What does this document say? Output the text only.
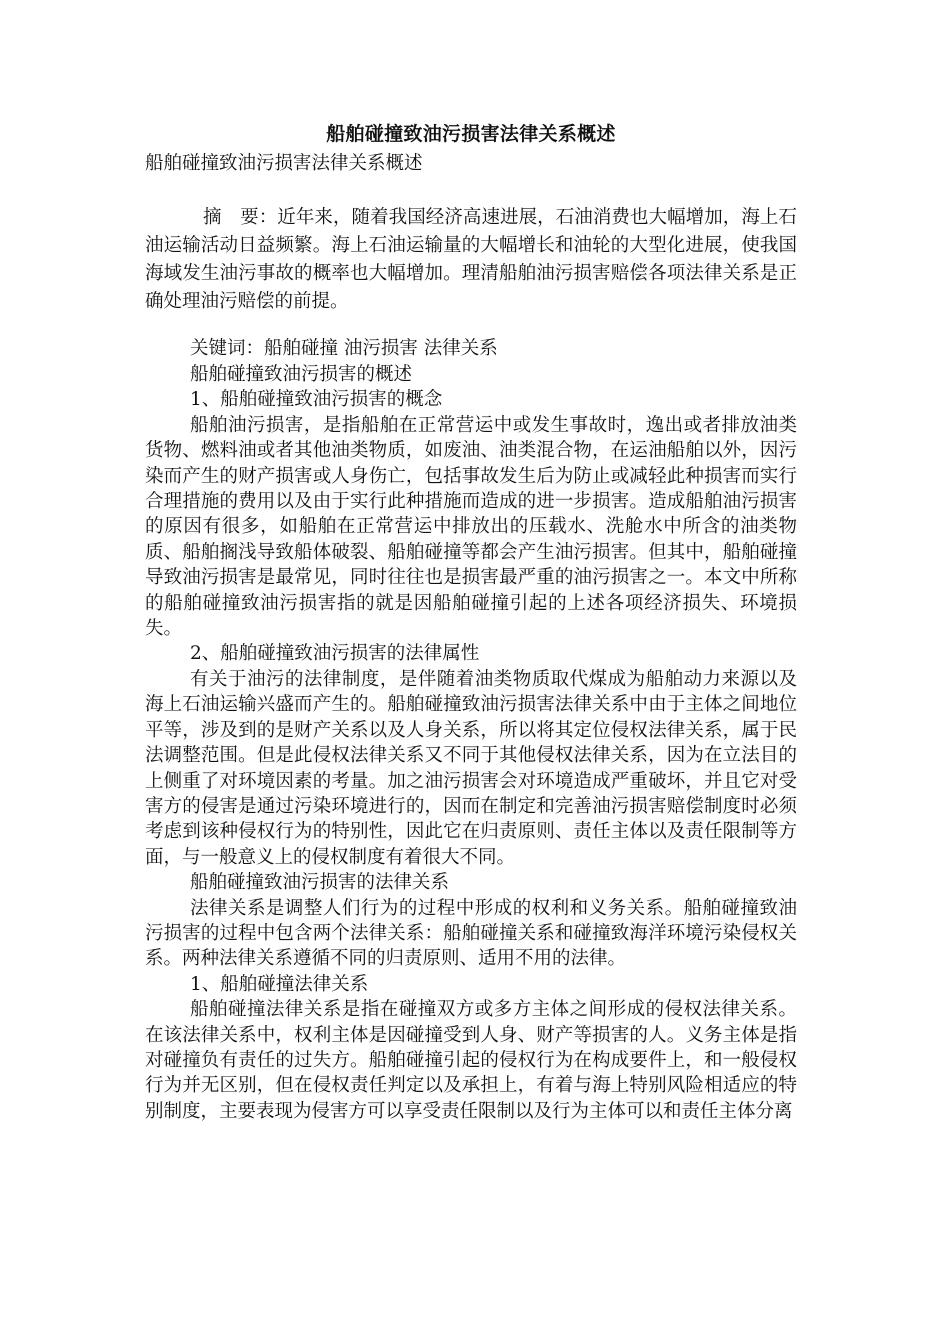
船舶碰撞致油污损害法律关系概述

船舶碰撞致油污损害法律关系概述

摘　要：近年来，随着我国经济高速进展，石油消费也大幅增加，海上石油运输活动日益频繁。海上石油运输量的大幅增长和油轮的大型化进展，使我国海域发生油污事故的概率也大幅增加。理清船舶油污损害赔偿各项法律关系是正确处理油污赔偿的前提。

关键词：船舶碰撞 油污损害 法律关系

船舶碰撞致油污损害的概述

1、船舶碰撞致油污损害的概念

船舶油污损害，是指船舶在正常营运中或发生事故时，逸出或者排放油类货物、燃料油或者其他油类物质，如废油、油类混合物，在运油船舶以外，因污染而产生的财产损害或人身伤亡，包括事故发生后为防止或减轻此种损害而实行合理措施的费用以及由于实行此种措施而造成的进一步损害。造成船舶油污损害的原因有很多，如船舶在正常营运中排放出的压载水、洗舱水中所含的油类物质、船舶搁浅导致船体破裂、船舶碰撞等都会产生油污损害。但其中，船舶碰撞导致油污损害是最常见，同时往往也是损害最严重的油污损害之一。本文中所称的船舶碰撞致油污损害指的就是因船舶碰撞引起的上述各项经济损失、环境损失。

2、船舶碰撞致油污损害的法律属性

有关于油污的法律制度，是伴随着油类物质取代煤成为船舶动力来源以及海上石油运输兴盛而产生的。船舶碰撞致油污损害法律关系中由于主体之间地位平等，涉及到的是财产关系以及人身关系，所以将其定位侵权法律关系，属于民法调整范围。但是此侵权法律关系又不同于其他侵权法律关系，因为在立法目的上侧重了对环境因素的考量。加之油污损害会对环境造成严重破坏，并且它对受害方的侵害是通过污染环境进行的，因而在制定和完善油污损害赔偿制度时必须考虑到该种侵权行为的特别性，因此它在归责原则、责任主体以及责任限制等方面，与一般意义上的侵权制度有着很大不同。

船舶碰撞致油污损害的法律关系

法律关系是调整人们行为的过程中形成的权利和义务关系。船舶碰撞致油污损害的过程中包含两个法律关系：船舶碰撞关系和碰撞致海洋环境污染侵权关系。两种法律关系遵循不同的归责原则、适用不用的法律。

1、船舶碰撞法律关系

船舶碰撞法律关系是指在碰撞双方或多方主体之间形成的侵权法律关系。在该法律关系中，权利主体是因碰撞受到人身、财产等损害的人。义务主体是指对碰撞负有责任的过失方。船舶碰撞引起的侵权行为在构成要件上，和一般侵权行为并无区别，但在侵权责任判定以及承担上，有着与海上特别风险相适应的特别制度，主要表现为侵害方可以享受责任限制以及行为主体可以和责任主体分离
